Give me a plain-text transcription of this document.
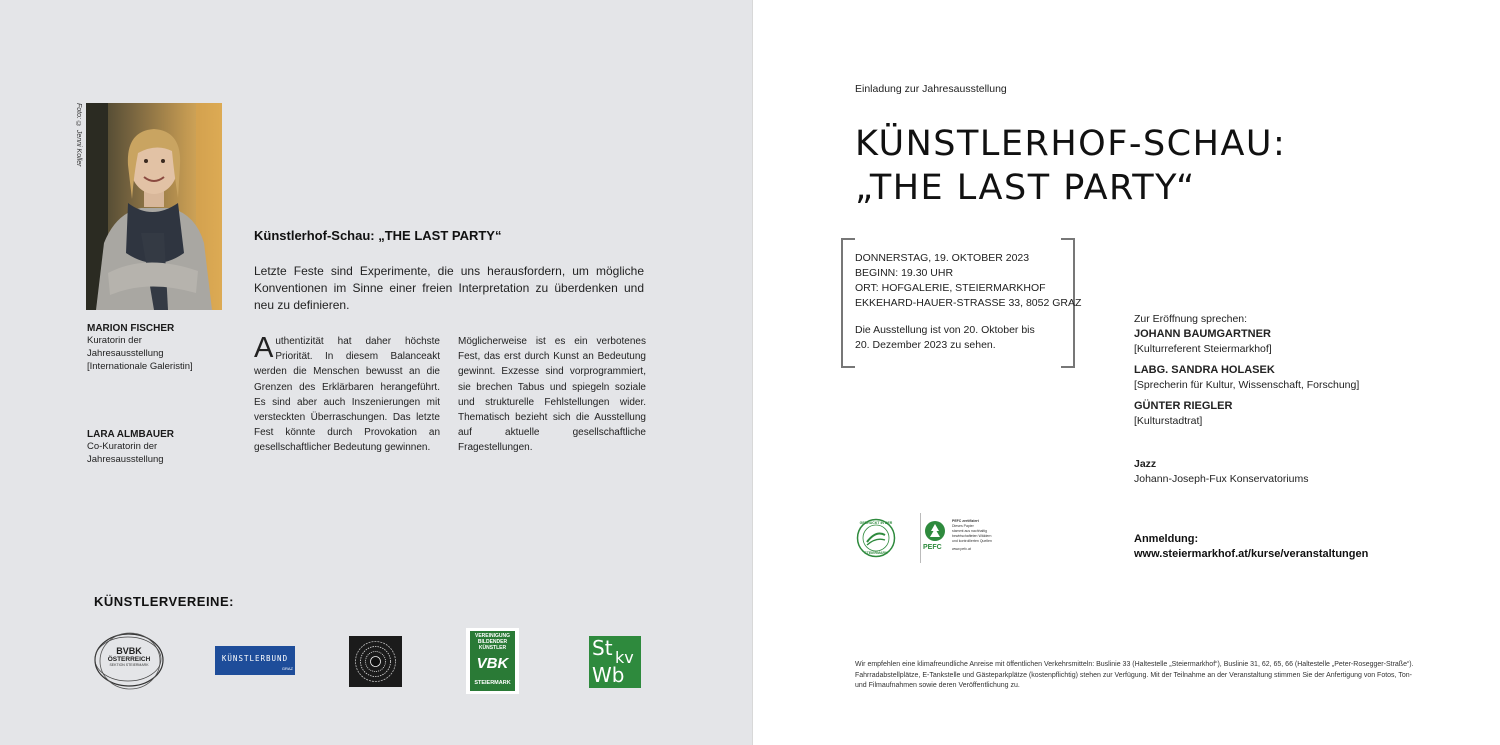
Foto: © Jenni Koller
MARION FISCHER
Kuratorin der
Jahresausstellung
[Internationale Galeristin]
LARA ALMBAUER
Co-Kuratorin der
Jahresausstellung
Künstlerhof-Schau: „THE LAST PARTY“
Letzte Feste sind Experimente, die uns herausfordern, um mögliche Konventionen im Sinne einer freien Interpretation zu überdenken und neu zu definieren.
Authentizität hat daher höchste Priorität. In diesem Balanceakt werden die Menschen bewusst an die Grenzen des Erklärbaren herangeführt. Es sind aber auch Inszenierungen mit versteckten Überraschungen. Das letzte Fest könnte durch Provokation an gesellschaftlicher Bedeutung gewinnen.
Möglicherweise ist es ein verbotenes Fest, das erst durch Kunst an Bedeutung gewinnt. Exzesse sind vorprogrammiert, sie brechen Tabus und spiegeln soziale und strukturelle Fehlstellungen wider. Thematisch bezieht sich die Ausstellung auf aktuelle gesellschaftliche Fragestellungen.
KÜNSTLERVEREINE:
BVBK
ÖSTERREICH
SEKTION STEIERMARK
KÜNSTLERBUND
GRAZ
VEREINIGUNG
BILDENDER
KÜNSTLER
VBK
STEIERMARK
St kv
Wb
Einladung zur Jahresausstellung
KÜNSTLERHOF-SCHAU:
„THE LAST PARTY“
DONNERSTAG, 19. OKTOBER 2023
BEGINN: 19.30 UHR
ORT: HOFGALERIE, STEIERMARKHOF
EKKEHARD-HAUER-STRASSE 33, 8052 GRAZ
Die Ausstellung ist von 20. Oktober bis
20. Dezember 2023 zu sehen.
Zur Eröffnung sprechen:
JOHANN BAUMGARTNER
[Kulturreferent Steiermarkhof]
LABG. SANDRA HOLASEK
[Sprecherin für Kultur, Wissenschaft, Forschung]
GÜNTER RIEGLER
[Kulturstadtrat]
Jazz
Johann-Joseph-Fux Konservatoriums
GEDRUCKT IN DER
STEIERMARK
PEFC
PEFC zertifiziert
Dieses Papier
stammt aus nachhaltig
bewirtschafteten Wäldern
und kontrollierten Quellen
www.pefc.at
Anmeldung:
www.steiermarkhof.at/kurse/veranstaltungen
Wir empfehlen eine klimafreundliche Anreise mit öffentlichen Verkehrsmitteln: Buslinie 33 (Haltestelle „Steiermarkhof“), Buslinie 31, 62, 65, 66 (Haltestelle „Peter-Rosegger-Straße“). Fahrradabstellplätze, E-Tankstelle und Gästeparkplätze (kostenpflichtig) stehen zur Verfügung. Mit der Teilnahme an der Veranstaltung stimmen Sie der Anfertigung von Fotos, Ton- und Filmaufnahmen sowie deren Veröffentlichung zu.
